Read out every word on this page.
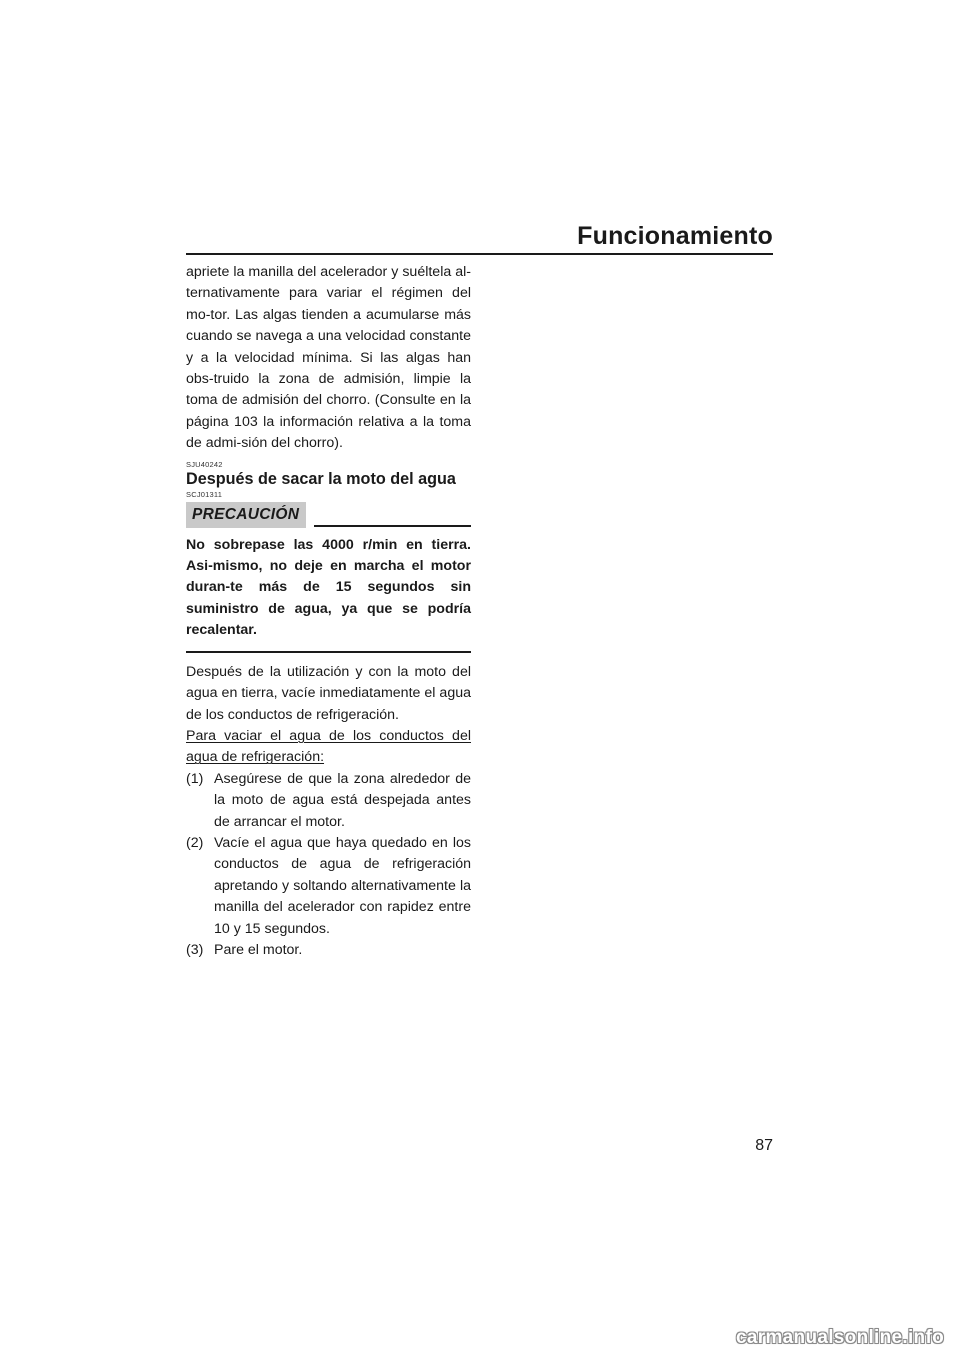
Funcionamiento

apriete la manilla del acelerador y suéltela al-ternativamente para variar el régimen del mo-tor. Las algas tienden a acumularse más cuando se navega a una velocidad constante y a la velocidad mínima. Si las algas han obs-truido la zona de admisión, limpie la toma de admisión del chorro. (Consulte en la página 103 la información relativa a la toma de admi-sión del chorro).

SJU40242

Después de sacar la moto del agua

SCJ01311

PRECAUCIÓN

No sobrepase las 4000 r/min en tierra. Asi-mismo, no deje en marcha el motor duran-te más de 15 segundos sin suministro de agua, ya que se podría recalentar.

Después de la utilización y con la moto del agua en tierra, vacíe inmediatamente el agua de los conductos de refrigeración.

Para vaciar el agua de los conductos del agua de refrigeración:

(1) Asegúrese de que la zona alrededor de la moto de agua está despejada antes de arrancar el motor.
(2) Vacíe el agua que haya quedado en los conductos de agua de refrigeración apretando y soltando alternativamente la manilla del acelerador con rapidez entre 10 y 15 segundos.
(3) Pare el motor.
87
carmanualsonline.info
